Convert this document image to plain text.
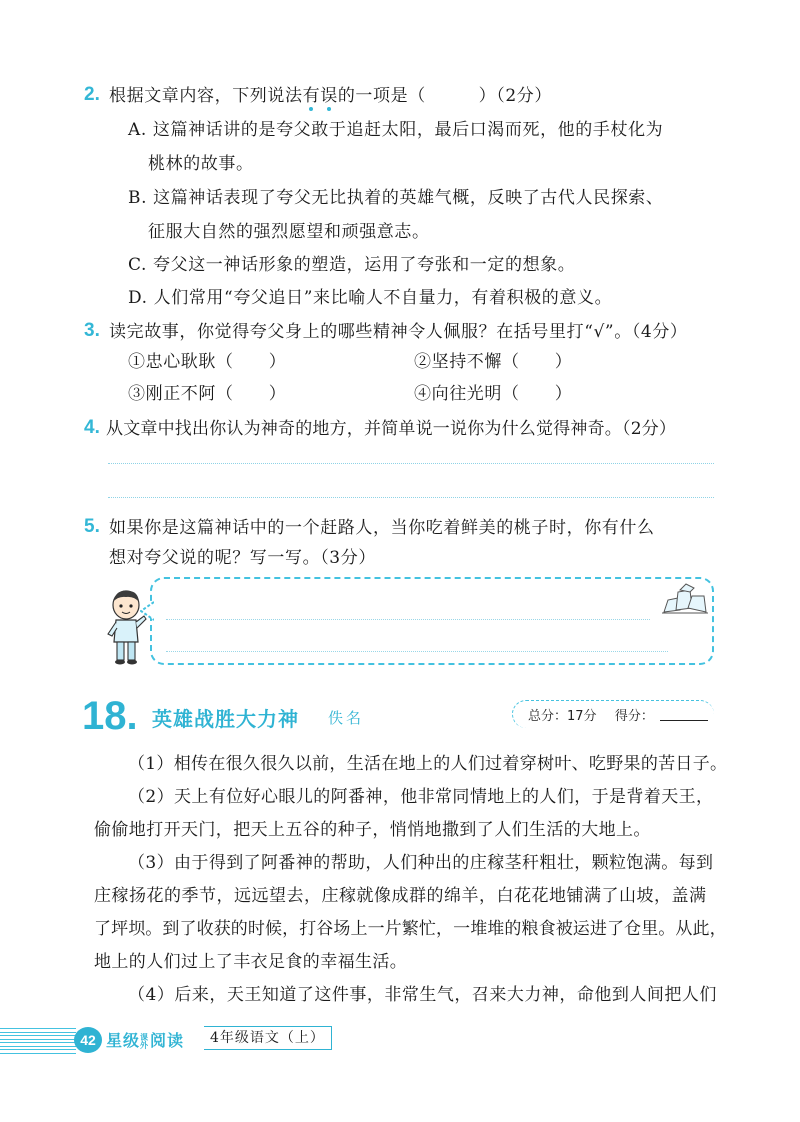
2. 根据文章内容，下列说法有
误
的一项是（　　　）（2分）
A. 这篇神话讲的是夸父敢于追赶太阳，最后口渴而死，他的手杖化为
桃林的故事。
B. 这篇神话表现了夸父无比执着的英雄气概，反映了古代人民探索、
征服大自然的强烈愿望和顽强意志。
C. 夸父这一神话形象的塑造，运用了夸张和一定的想象。
D. 人们常用“夸父追日”来比喻人不自量力，有着积极的意义。
3. 读完故事，你觉得夸父身上的哪些精神令人佩服？在括号里打“√”。（4分）
①忠心耿耿（　　）	②坚持不懈（　　）
③刚正不阿（　　）	④向往光明（　　）
4. 从文章中找出你认为神奇的地方，并简单说一说你为什么觉得神奇。（2分）
5. 如果你是这篇神话中的一个赶路人，当你吃着鲜美的桃子时，你有什么
想对夸父说的呢？写一写。（3分）
18. 英雄战胜大力神 佚名	总分：17分 得分：
（1）相传在很久很久以前，生活在地上的人们过着穿树叶、吃野果的苦日子。
（2）天上有位好心眼儿的阿番神，他非常同情地上的人们，于是背着天王，
偷偷地打开天门，把天上五谷的种子，悄悄地撒到了人们生活的大地上。
（3）由于得到了阿番神的帮助，人们种出的庄稼茎秆粗壮，颗粒饱满。每到
庄稼扬花的季节，远远望去，庄稼就像成群的绵羊，白花花地铺满了山坡，盖满
了坪坝。到了收获的时候，打谷场上一片繁忙，一堆堆的粮食被运进了仓里。从此，
地上的人们过上了丰衣足食的幸福生活。
（4）后来，天王知道了这件事，非常生气，召来大力神，命他到人间把人们
42 星级课外阅读	4年级语文（上）
